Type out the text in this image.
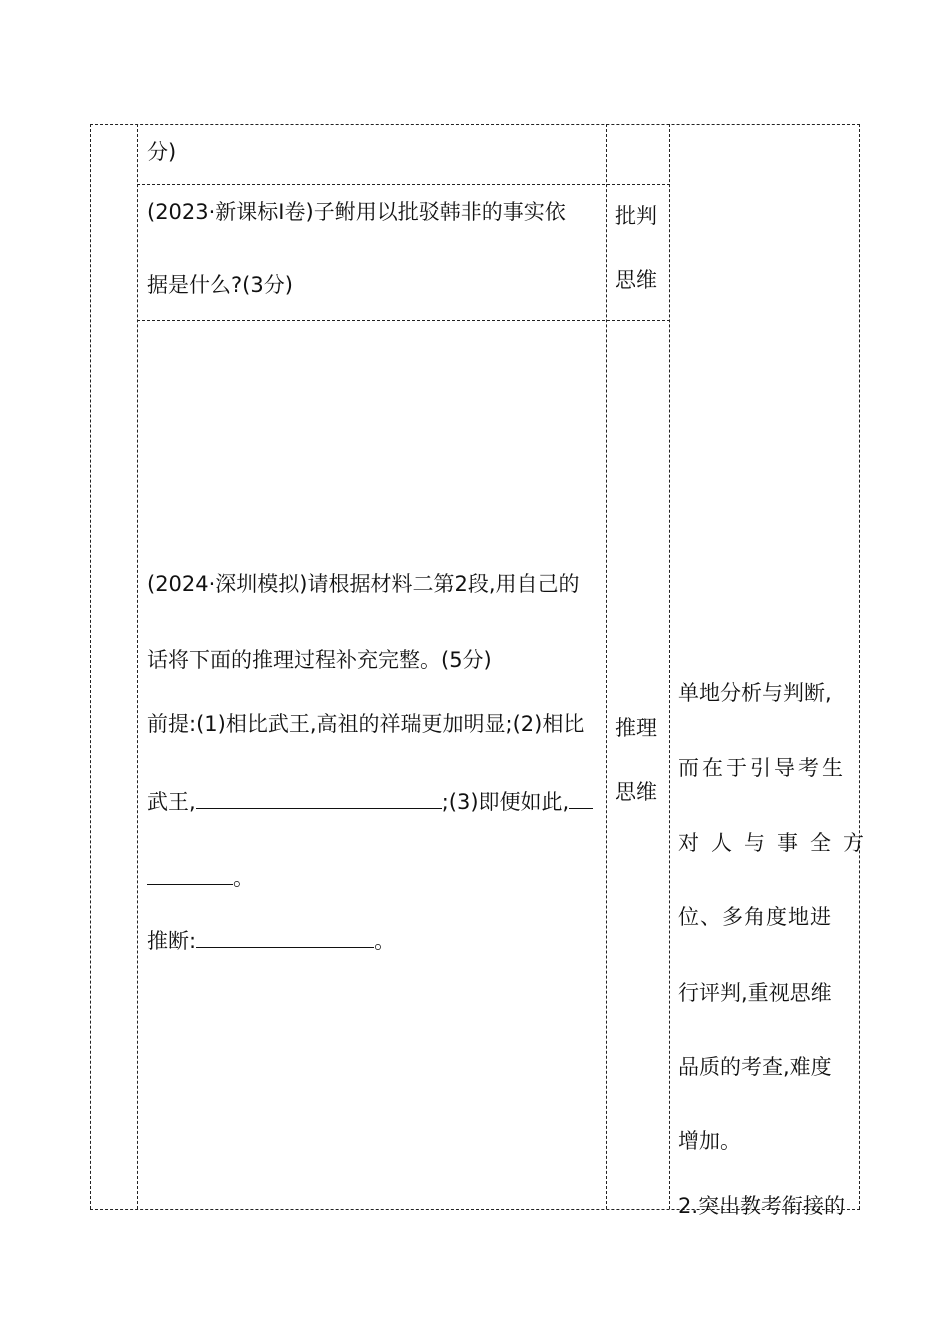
分)
(2023·新课标Ⅰ卷)子鲋用以批驳韩非的事实依
据是什么?(3分)
批判
思维
(2024·深圳模拟)请根据材料二第2段,用自己的
话将下面的推理过程补充完整。(5分)
前提:(1)相比武王,高祖的祥瑞更加明显;(2)相比
武王,	;(3)即便如此,
。
推断:	。
推理
思维
单地分析与判断,
而在于引导考生
对人与事全方
位、多角度地进
行评判,重视思维
品质的考查,难度
增加。
2.突出教考衔接的
